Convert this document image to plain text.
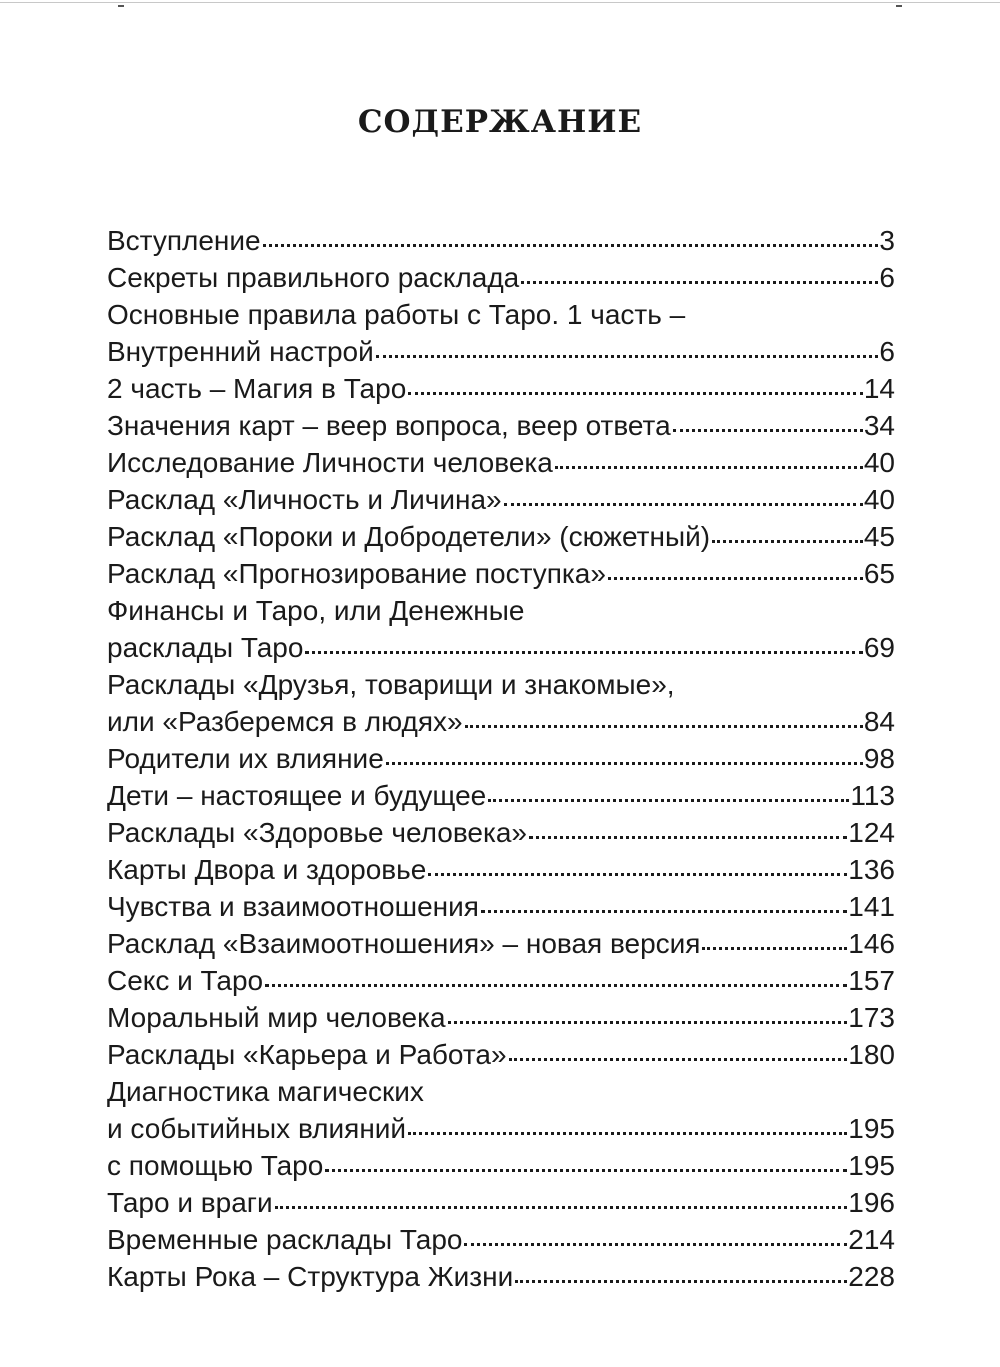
СОДЕРЖАНИЕ
Вступление	3
Секреты правильного расклада	6
Основные правила работы с Таро. 1 часть –
Внутренний настрой	6
2 часть – Магия в Таро	14
Значения карт – веер вопроса, веер ответа	34
Исследование Личности человека	40
Расклад «Личность и Личина»	40
Расклад «Пороки и Добродетели» (сюжетный)	45
Расклад «Прогнозирование поступка»	65
Финансы и Таро, или Денежные
расклады Таро	69
Расклады «Друзья, товарищи и знакомые»,
или «Разберемся в людях»	84
Родители их влияние	98
Дети – настоящее и будущее	113
Расклады «Здоровье человека»	124
Карты Двора и здоровье	136
Чувства и взаимоотношения	141
Расклад «Взаимоотношения» – новая версия	146
Секс и Таро	157
Моральный мир человека	173
Расклады «Карьера и Работа»	180
Диагностика магических
и событийных влияний	195
с помощью Таро	195
Таро и враги	196
Временные расклады Таро	214
Карты Рока – Структура Жизни	228
